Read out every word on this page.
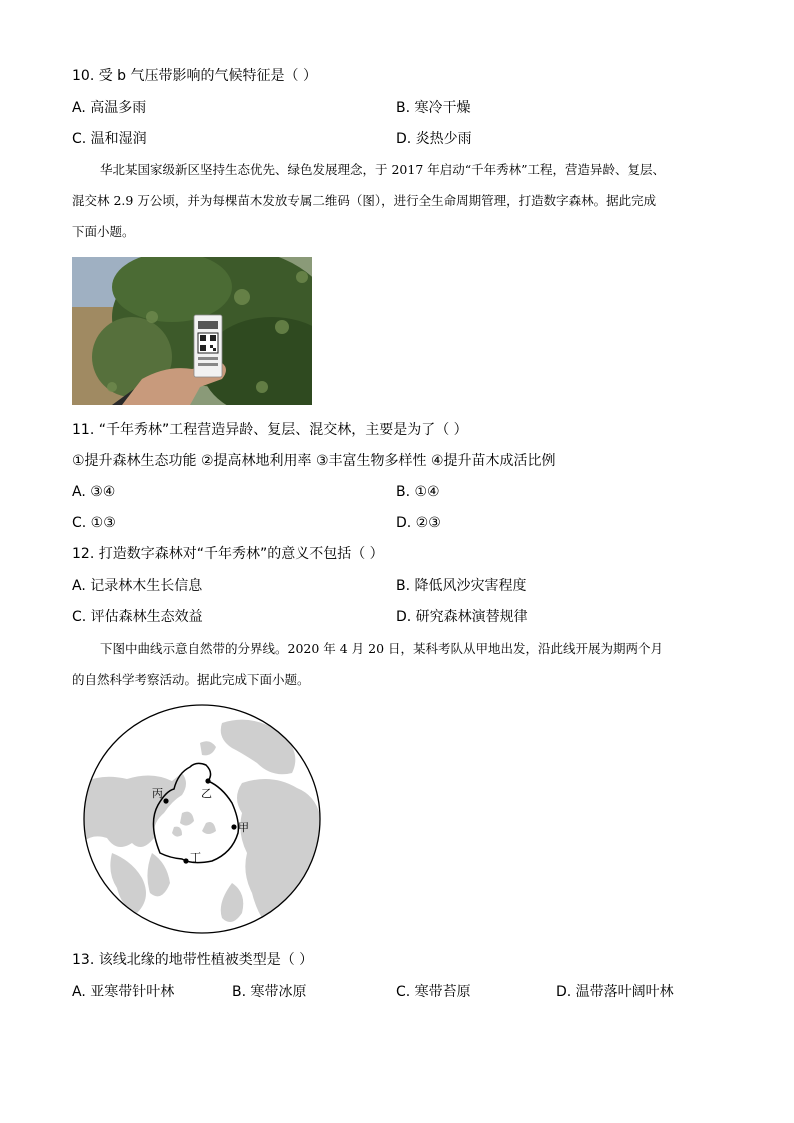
10. 受 b 气压带影响的气候特征是（ ）
A. 高温多雨	B. 寒冷干燥
C. 温和湿润	D. 炎热少雨
华北某国家级新区坚持生态优先、绿色发展理念，于 2017 年启动“千年秀林”工程，营造异龄、复层、
混交林 2.9 万公顷，并为每棵苗木发放专属二维码（图），进行全生命周期管理，打造数字森林。据此完成
下面小题。
11. “千年秀林”工程营造异龄、复层、混交林，主要是为了（ ）
①提升森林生态功能 ②提高林地利用率 ③丰富生物多样性 ④提升苗木成活比例
A. ③④	B. ①④
C. ①③	D. ②③
12. 打造数字森林对“千年秀林”的意义不包括（ ）
A. 记录林木生长信息	B. 降低风沙灾害程度
C. 评估森林生态效益	D. 研究森林演替规律
下图中曲线示意自然带的分界线。2020 年 4 月 20 日，某科考队从甲地出发，沿此线开展为期两个月
的自然科学考察活动。据此完成下面小题。
乙
甲
丙
丁
13. 该线北缘的地带性植被类型是（ ）
A. 亚寒带针叶林	B. 寒带冰原	C. 寒带苔原	D. 温带落叶阔叶林
